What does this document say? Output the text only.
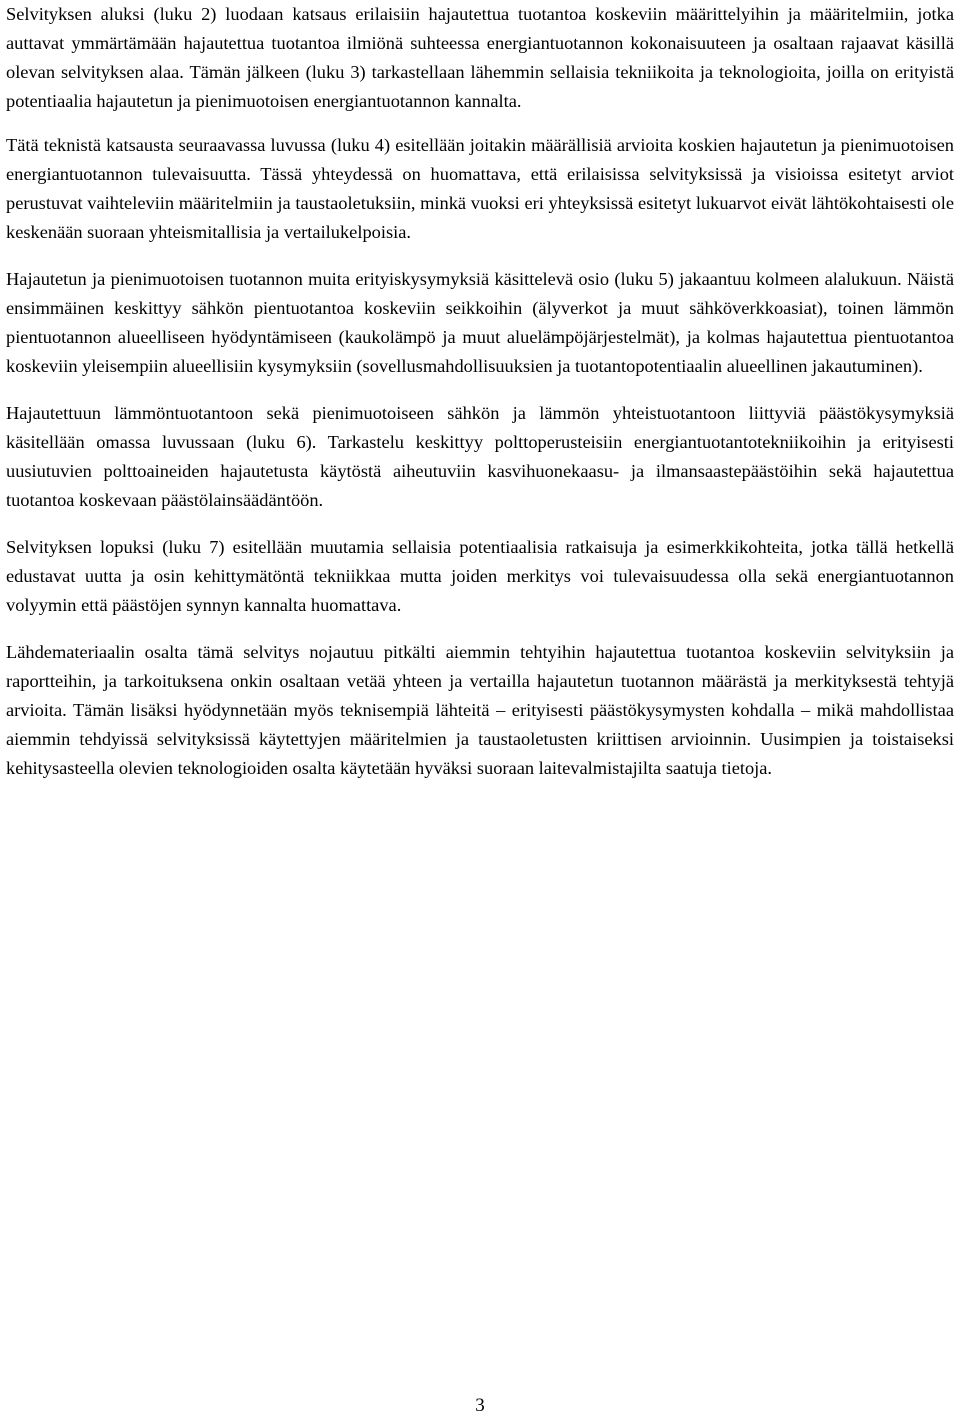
Selvityksen aluksi (luku 2) luodaan katsaus erilaisiin hajautettua tuotantoa koskeviin määrittelyihin ja määritelmiin, jotka auttavat ymmärtämään hajautettua tuotantoa ilmiönä suhteessa energiantuotannon kokonaisuuteen ja osaltaan rajaavat käsillä olevan selvityksen alaa. Tämän jälkeen (luku 3) tarkastellaan lähemmin sellaisia tekniikoita ja teknologioita, joilla on erityistä potentiaalia hajautetun ja pienimuotoisen energiantuotannon kannalta.

Tätä teknistä katsausta seuraavassa luvussa (luku 4) esitellään joitakin määrällisiä arvioita koskien hajautetun ja pienimuotoisen energiantuotannon tulevaisuutta. Tässä yhteydessä on huomattava, että erilaisissa selvityksissä ja visioissa esitetyt arviot perustuvat vaihteleviin määritelmiin ja taustaoletuksiin, minkä vuoksi eri yhteyksissä esitetyt lukuarvot eivät lähtökohtaisesti ole keskenään suoraan yhteismitallisia ja vertailukelpoisia.

Hajautetun ja pienimuotoisen tuotannon muita erityiskysymyksiä käsittelevä osio (luku 5) jakaantuu kolmeen alalukuun. Näistä ensimmäinen keskittyy sähkön pientuotantoa koskeviin seikkoihin (älyverkot ja muut sähköverkkoasiat), toinen lämmön pientuotannon alueelliseen hyödyntämiseen (kaukolämpö ja muut aluelämpöjärjestelmät), ja kolmas hajautettua pientuotantoa koskeviin yleisempiin alueellisiin kysymyksiin (sovellusmahdollisuuksien ja tuotantopotentiaalin alueellinen jakautuminen).

Hajautettuun lämmöntuotantoon sekä pienimuotoiseen sähkön ja lämmön yhteistuotantoon liittyviä päästökysymyksiä käsitellään omassa luvussaan (luku 6). Tarkastelu keskittyy polttoperusteisiin energiantuotantotekniikoihin ja erityisesti uusiutuvien polttoaineiden hajautetusta käytöstä aiheutuviin kasvihuonekaasu- ja ilmansaastepäästöihin sekä hajautettua tuotantoa koskevaan päästölainsäädäntöön.

Selvityksen lopuksi (luku 7) esitellään muutamia sellaisia potentiaalisia ratkaisuja ja esimerkkikohteita, jotka tällä hetkellä edustavat uutta ja osin kehittymätöntä tekniikkaa mutta joiden merkitys voi tulevaisuudessa olla sekä energiantuotannon volyymin että päästöjen synnyn kannalta huomattava.

Lähdemateriaalin osalta tämä selvitys nojautuu pitkälti aiemmin tehtyihin hajautettua tuotantoa koskeviin selvityksiin ja raportteihin, ja tarkoituksena onkin osaltaan vetää yhteen ja vertailla hajautetun tuotannon määrästä ja merkityksestä tehtyjä arvioita. Tämän lisäksi hyödynnetään myös teknisempiä lähteitä – erityisesti päästökysymysten kohdalla – mikä mahdollistaa aiemmin tehdyissä selvityksissä käytettyjen määritelmien ja taustaoletusten kriittisen arvioinnin. Uusimpien ja toistaiseksi kehitysasteella olevien teknologioiden osalta käytetään hyväksi suoraan laitevalmistajilta saatuja tietoja.

3
